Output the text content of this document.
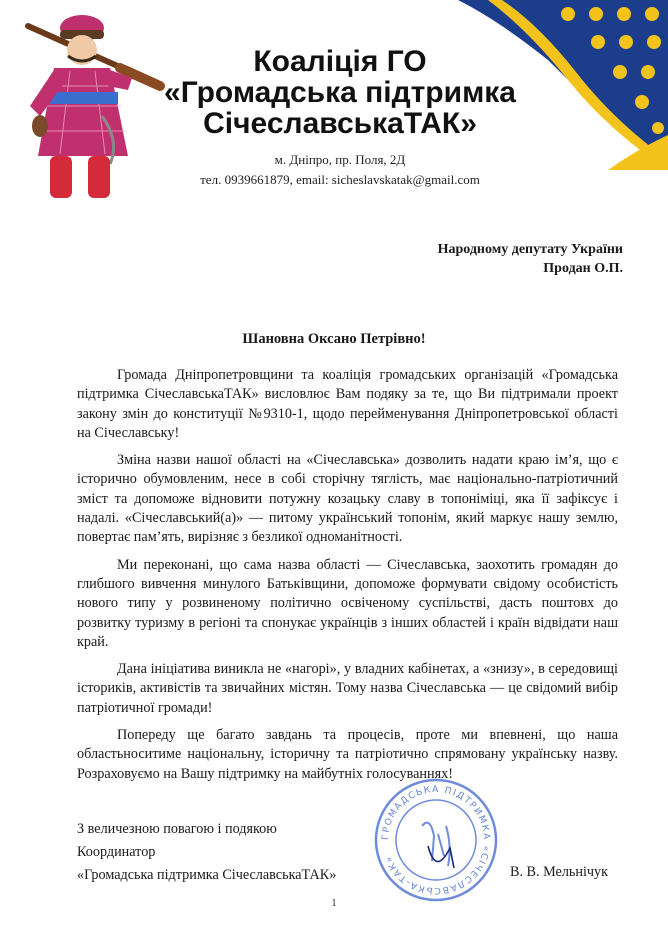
Коаліція ГО
«Громадська підтримка
СічеславськаТАК»
м. Дніпро, пр. Поля, 2Д
тел. 0939661879, email: sicheslavskatak@gmail.com
Народному депутату України
Продан О.П.
Шановна Оксано Петрівно!

Громада Дніпропетровщини та коаліція громадських організацій «Громадська підтримка СічеславськаТАК» висловлює Вам подяку за те, що Ви підтримали проект закону змін до конституції №9310-1, щодо перейменування Дніпропетровської області на Січеславську!

Зміна назви нашої області на «Січеславська» дозволить надати краю ім’я, що є історично обумовленим, несе в собі сторічну тяглість, має національно-патріотичний зміст та допоможе відновити потужну козацьку славу в топоніміці, яка її зафіксує і надалі. «Січеславський(а)» — питому український топонім, який маркує нашу землю, повертає пам’ять, вирізняє з безликої одноманітності.

Ми переконані, що сама назва області — Січеславська, заохотить громадян до глибшого вивчення минулого Батьківщини, допоможе формувати свідому особистість нового типу у розвиненому політично освіченому суспільстві, дасть поштовх до розвитку туризму в регіоні та спонукає українців з інших областей і країн відвідати наш край.

Дана ініціатива виникла не «нагорі», у владних кабінетах, а «знизу», в середовищі істориків, активістів та звичайних містян. Тому назва Січеславська — це свідомий вибір патріотичної громади!

Попереду ще багато завдань та процесів, проте ми впевнені, що наша областьноситиме національну, історичну та патріотично спрямовану українську назву. Розраховуємо на Вашу підтримку на майбутніх голосуваннях!

ГРОМАДСЬКА ПІДТРИМКА «СІЧЕСЛАВСЬКА-ТАК»
З величезною повагою і подякою
Координатор
«Громадська підтримка СічеславськаТАК»	В. В. Мельнічук
1
